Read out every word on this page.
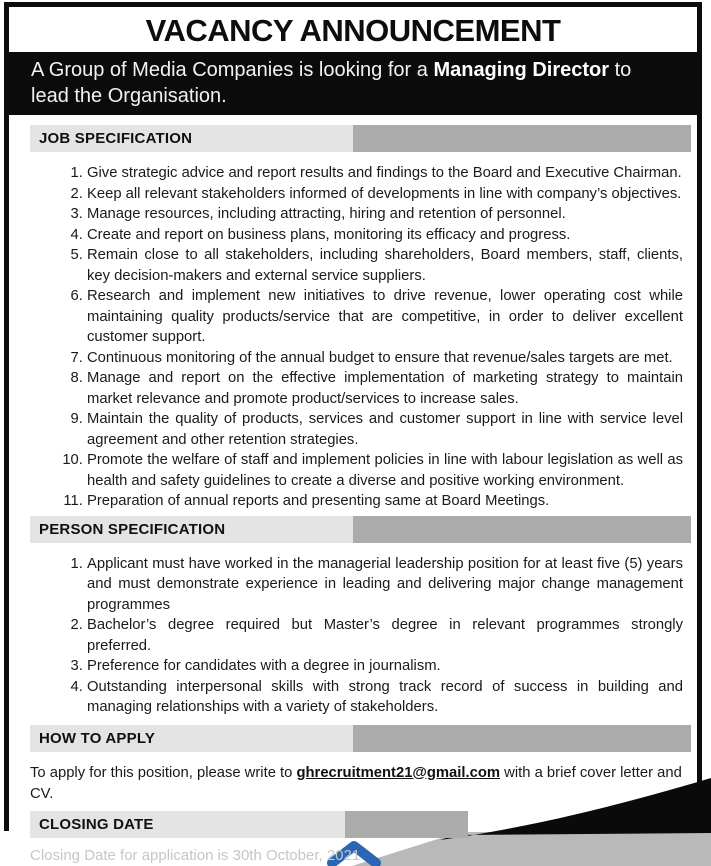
VACANCY ANNOUNCEMENT
A Group of Media Companies is looking for a Managing Director to lead the Organisation.
JOB SPECIFICATION
1. Give strategic advice and report results and findings to the Board and Executive Chairman.
2. Keep all relevant stakeholders informed of developments in line with company’s objectives.
3. Manage resources, including attracting, hiring and retention of personnel.
4. Create and report on business plans, monitoring its efficacy and progress.
5. Remain close to all stakeholders, including shareholders, Board members, staff, clients, key decision-makers and external service suppliers.
6. Research and implement new initiatives to drive revenue, lower operating cost while maintaining quality products/service that are competitive, in order to deliver excellent customer support.
7. Continuous monitoring of the annual budget to ensure that revenue/sales targets are met.
8. Manage and report on the effective implementation of marketing strategy to maintain market relevance and promote product/services to increase sales.
9. Maintain the quality of products, services and customer support in line with service level agreement and other retention strategies.
10. Promote the welfare of staff and implement policies in line with labour legislation as well as health and safety guidelines to create a diverse and positive working environment.
11. Preparation of annual reports and presenting same at Board Meetings.
PERSON SPECIFICATION
1. Applicant must have worked in the managerial leadership position for at least five (5) years and must demonstrate experience in leading and delivering major change management programmes
2. Bachelor’s degree required but Master’s degree in relevant programmes strongly preferred.
3. Preference for candidates with a degree in journalism.
4. Outstanding interpersonal skills with strong track record of success in building and managing relationships with a variety of stakeholders.
HOW TO APPLY

To apply for this position, please write to ghrecruitment21@gmail.com with a brief cover letter and CV.

CLOSING DATE

Closing Date for application is 30th October, 2021
